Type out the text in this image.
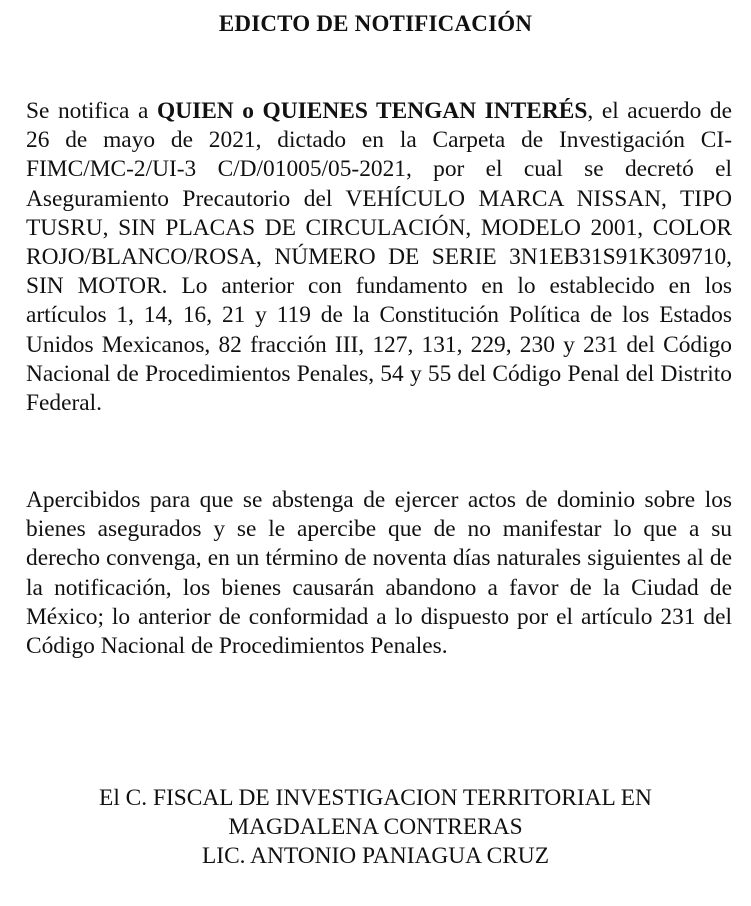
EDICTO DE NOTIFICACIÓN
Se notifica a QUIEN o QUIENES TENGAN INTERÉS, el acuerdo de 26 de mayo de 2021, dictado en la Carpeta de Investigación CI- FIMC/MC-2/UI-3 C/D/01005/05-2021, por el cual se decretó el Aseguramiento Precautorio del VEHÍCULO MARCA NISSAN, TIPO TUSRU, SIN PLACAS DE CIRCULACIÓN, MODELO 2001, COLOR ROJO/BLANCO/ROSA, NÚMERO DE SERIE 3N1EB31S91K309710, SIN MOTOR. Lo anterior con fundamento en lo establecido en los artículos 1, 14, 16, 21 y 119 de la Constitución Política de los Estados Unidos Mexicanos, 82 fracción III, 127, 131, 229, 230 y 231 del Código Nacional de Procedimientos Penales, 54 y 55 del Código Penal del Distrito Federal.
Apercibidos para que se abstenga de ejercer actos de dominio sobre los bienes asegurados y se le apercibe que de no manifestar lo que a su derecho convenga, en un término de noventa días naturales siguientes al de la notificación, los bienes causarán abandono a favor de la Ciudad de México; lo anterior de conformidad a lo dispuesto por el artículo 231 del Código Nacional de Procedimientos Penales.
El C. FISCAL DE INVESTIGACION TERRITORIAL EN
MAGDALENA CONTRERAS
LIC. ANTONIO PANIAGUA CRUZ
